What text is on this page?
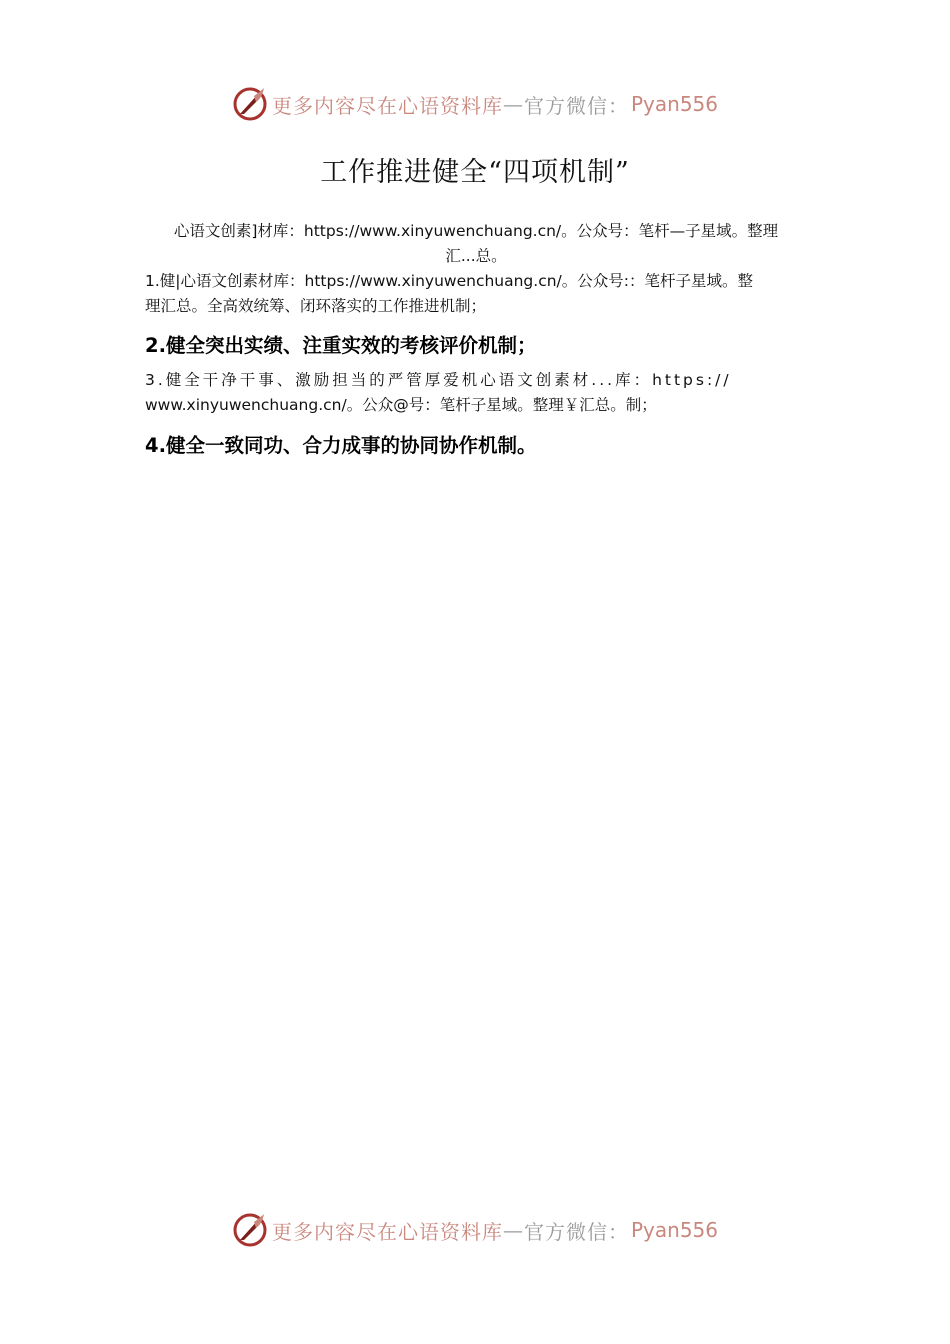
更多内容尽在心语资料库 — 官方微信： Pyan556
工作推进健全“四项机制”
心语文创素]材库：https://www.xinyuwenchuang.cn/。公众号：笔杆—子星域。整理
汇...总。
1.健|心语文创素材库：https://www.xinyuwenchuang.cn/。公众号:：笔杆子星域。整
理汇总。全高效统筹、闭环落实的工作推进机制；
2.健全突出实绩、注重实效的考核评价机制；
3.健全干净干事、激励担当的严管厚爱机心语文创素材...库：https://
www.xinyuwenchuang.cn/。公众@号：笔杆子星域。整理￥汇总。制；
4.健全一致同功、合力成事的协同协作机制。
更多内容尽在心语资料库 — 官方微信： Pyan556
